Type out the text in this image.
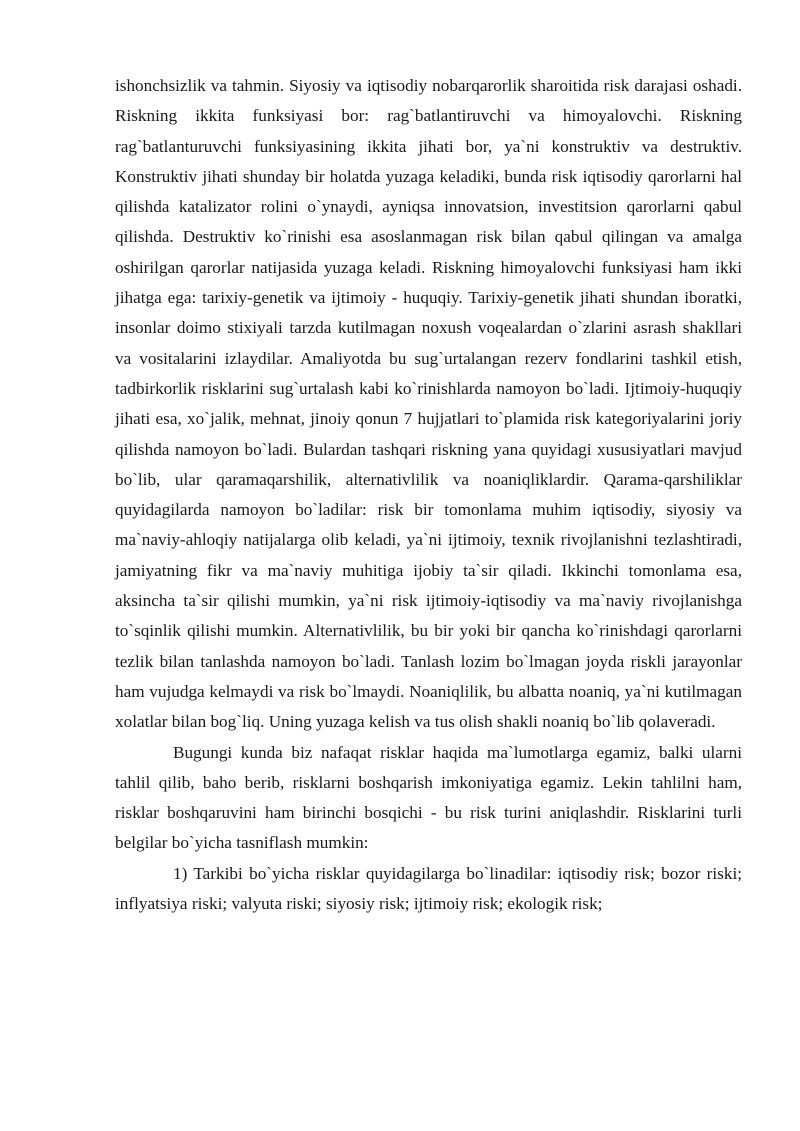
ishonchsizlik va tahmin. Siyosiy va iqtisodiy nobarqarorlik sharoitida risk darajasi oshadi. Riskning ikkita funksiyasi bor: rag`batlantiruvchi va himoyalovchi. Riskning rag`batlanturuvchi funksiyasining ikkita jihati bor, ya`ni konstruktiv va destruktiv. Konstruktiv jihati shunday bir holatda yuzaga keladiki, bunda risk iqtisodiy qarorlarni hal qilishda katalizator rolini o`ynaydi, ayniqsa innovatsion, investitsion qarorlarni qabul qilishda. Destruktiv ko`rinishi esa asoslanmagan risk bilan qabul qilingan va amalga oshirilgan qarorlar natijasida yuzaga keladi. Riskning himoyalovchi funksiyasi ham ikki jihatga ega: tarixiy-genetik va ijtimoiy - huquqiy. Tarixiy-genetik jihati shundan iboratki, insonlar doimo stixiyali tarzda kutilmagan noxush voqealardan o`zlarini asrash shakllari va vositalarini izlaydilar. Amaliyotda bu sug`urtalangan rezerv fondlarini tashkil etish, tadbirkorlik risklarini sug`urtalash kabi ko`rinishlarda namoyon bo`ladi. Ijtimoiy-huquqiy jihati esa, xo`jalik, mehnat, jinoiy qonun 7 hujjatlari to`plamida risk kategoriyalarini joriy qilishda namoyon bo`ladi. Bulardan tashqari riskning yana quyidagi xususiyatlari mavjud bo`lib, ular qaramaqarshilik, alternativlilik va noaniqliklardir. Qarama-qarshiliklar quyidagilarda namoyon bo`ladilar: risk bir tomonlama muhim iqtisodiy, siyosiy va ma`naviy-ahloqiy natijalarga olib keladi, ya`ni ijtimoiy, texnik rivojlanishni tezlashtiradi, jamiyatning fikr va ma`naviy muhitiga ijobiy ta`sir qiladi. Ikkinchi tomonlama esa, aksincha ta`sir qilishi mumkin, ya`ni risk ijtimoiy-iqtisodiy va ma`naviy rivojlanishga to`sqinlik qilishi mumkin. Alternativlilik, bu bir yoki bir qancha ko`rinishdagi qarorlarni tezlik bilan tanlashda namoyon bo`ladi. Tanlash lozim bo`lmagan joyda riskli jarayonlar ham vujudga kelmaydi va risk bo`lmaydi. Noaniqlilik, bu albatta noaniq, ya`ni kutilmagan xolatlar bilan bog`liq. Uning yuzaga kelish va tus olish shakli noaniq bo`lib qolaveradi.

Bugungi kunda biz nafaqat risklar haqida ma`lumotlarga egamiz, balki ularni tahlil qilib, baho berib, risklarni boshqarish imkoniyatiga egamiz. Lekin tahlilni ham, risklar boshqaruvini ham birinchi bosqichi - bu risk turini aniqlashdir. Risklarini turli belgilar bo`yicha tasniflash mumkin:

1) Tarkibi bo`yicha risklar quyidagilarga bo`linadilar: iqtisodiy risk; bozor riski; inflyatsiya riski; valyuta riski; siyosiy risk; ijtimoiy risk; ekologik risk;
